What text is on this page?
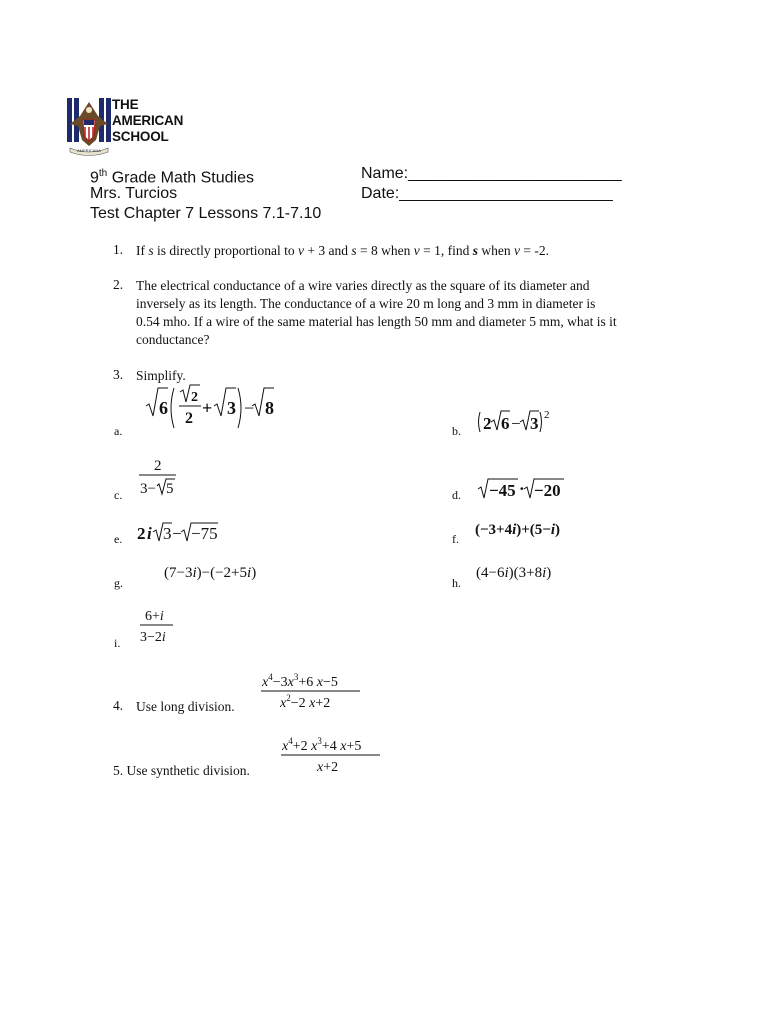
AMERICANA
THE
AMERICAN
SCHOOL
9th Grade Math Studies
Mrs. Turcios
Test Chapter 7 Lessons 7.1-7.10
Name:________________________
Date:________________________
1. If s is directly proportional to v + 3 and s = 8 when v = 1, find s when v = -2.
2. The electrical conductance of a wire varies directly as the square of its diameter and
inversely as its length. The conductance of a wire 20 m long and 3 mm in diameter is
0.54 mho. If a wire of the same material has length 50 mm and diameter 5 mm, what is it
conductance?
3. Simplify.
a.
6
2
2
+ 3 − 8
b. 2 6 − 3 2
c.
2
3− 5	d. −45 · −20
e. 2 i 3 − −75	f.
(−3+4i)+(5−i)
g.
(7−3i)−(−2+5i)
h.
(4−6i)(3+8i)
i.
6+i
3−2i
4. Use long division.
$x^4-3x^3+6$ x−5
$x^2-2$ x+2
5. Use synthetic division.
$x^4+2$ $x^3+4$ x+5
x+2
